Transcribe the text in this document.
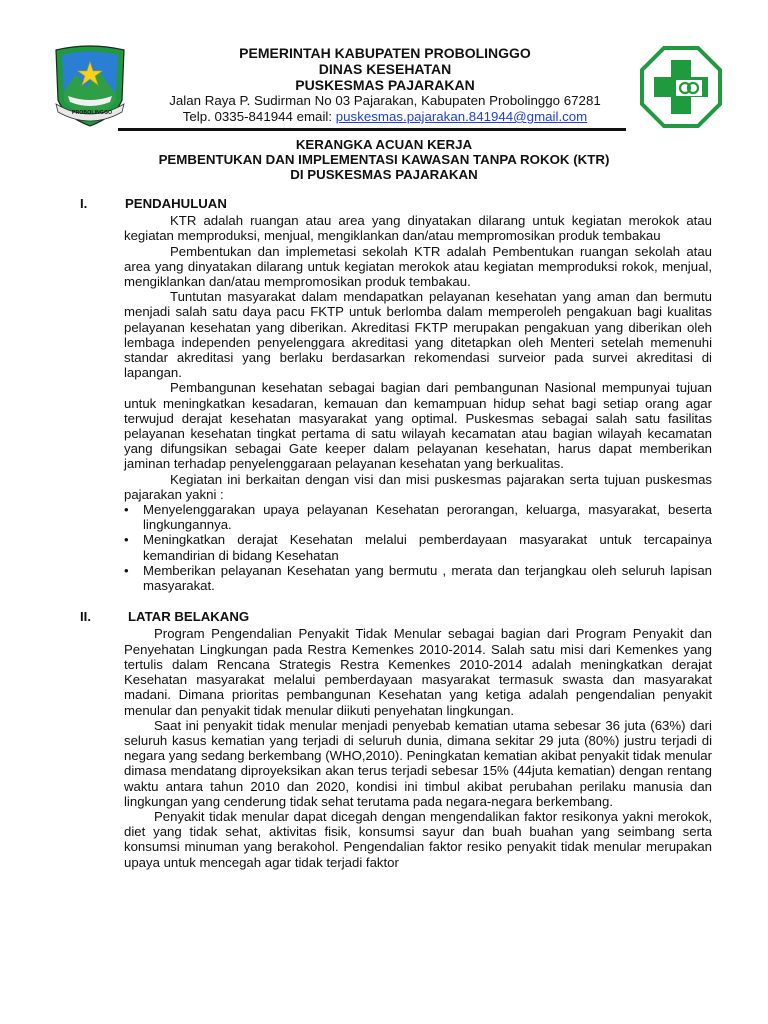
PROBOLINGGO
PEMERINTAH KABUPATEN PROBOLINGGO
DINAS KESEHATAN
PUSKESMAS PAJARAKAN
Jalan Raya P. Sudirman No 03 Pajarakan, Kabupaten Probolinggo 67281
Telp. 0335-841944 email: puskesmas.pajarakan.841944@gmail.com
KERANGKA ACUAN KERJA
PEMBENTUKAN DAN IMPLEMENTASI KAWASAN TANPA ROKOK (KTR)
DI PUSKESMAS PAJARAKAN
I.	PENDAHULUAN

KTR adalah ruangan atau area yang dinyatakan dilarang untuk kegiatan merokok atau kegiatan memproduksi, menjual, mengiklankan dan/atau mempromosikan produk tembakau

Pembentukan dan implemetasi sekolah KTR adalah Pembentukan ruangan sekolah atau area yang dinyatakan dilarang untuk kegiatan merokok atau kegiatan memproduksi rokok, menjual, mengiklankan dan/atau mempromosikan produk tembakau.

Tuntutan masyarakat dalam mendapatkan pelayanan kesehatan yang aman dan bermutu menjadi salah satu daya pacu FKTP untuk berlomba dalam memperoleh pengakuan bagi kualitas pelayanan kesehatan yang diberikan. Akreditasi FKTP merupakan pengakuan yang diberikan oleh lembaga independen penyelenggara akreditasi yang ditetapkan oleh Menteri setelah memenuhi standar akreditasi yang berlaku berdasarkan rekomendasi surveior pada survei akreditasi di lapangan.

Pembangunan kesehatan sebagai bagian dari pembangunan Nasional mempunyai tujuan untuk meningkatkan kesadaran, kemauan dan kemampuan hidup sehat bagi setiap orang agar terwujud derajat kesehatan masyarakat yang optimal. Puskesmas sebagai salah satu fasilitas pelayanan kesehatan tingkat pertama di satu wilayah kecamatan atau bagian wilayah kecamatan yang difungsikan sebagai Gate keeper dalam pelayanan kesehatan, harus dapat memberikan jaminan terhadap penyelenggaraan pelayanan kesehatan yang berkualitas.

Kegiatan ini berkaitan dengan visi dan misi puskesmas pajarakan serta tujuan puskesmas pajarakan yakni :

• Menyelenggarakan upaya pelayanan Kesehatan perorangan, keluarga, masyarakat, beserta lingkungannya.
• Meningkatkan derajat Kesehatan melalui pemberdayaan masyarakat untuk tercapainya kemandirian di bidang Kesehatan
• Memberikan pelayanan Kesehatan yang bermutu , merata dan terjangkau oleh seluruh lapisan masyarakat.
II.	LATAR BELAKANG

Program Pengendalian Penyakit Tidak Menular sebagai bagian dari Program Penyakit dan Penyehatan Lingkungan pada Restra Kemenkes 2010-2014. Salah satu misi dari Kemenkes yang tertulis dalam Rencana Strategis Restra Kemenkes 2010-2014 adalah meningkatkan derajat Kesehatan masyarakat melalui pemberdayaan masyarakat termasuk swasta dan masyarakat madani. Dimana prioritas pembangunan Kesehatan yang ketiga adalah pengendalian penyakit menular dan penyakit tidak menular diikuti penyehatan lingkungan.

Saat ini penyakit tidak menular menjadi penyebab kematian utama sebesar 36 juta (63%) dari seluruh kasus kematian yang terjadi di seluruh dunia, dimana sekitar 29 juta (80%) justru terjadi di negara yang sedang berkembang (WHO,2010). Peningkatan kematian akibat penyakit tidak menular dimasa mendatang diproyeksikan akan terus terjadi sebesar 15% (44juta kematian) dengan rentang waktu antara tahun 2010 dan 2020, kondisi ini timbul akibat perubahan perilaku manusia dan lingkungan yang cenderung tidak sehat terutama pada negara-negara berkembang.

Penyakit tidak menular dapat dicegah dengan mengendalikan faktor resikonya yakni merokok, diet yang tidak sehat, aktivitas fisik, konsumsi sayur dan buah buahan yang seimbang serta konsumsi minuman yang berakohol. Pengendalian faktor resiko penyakit tidak menular merupakan upaya untuk mencegah agar tidak terjadi faktor
